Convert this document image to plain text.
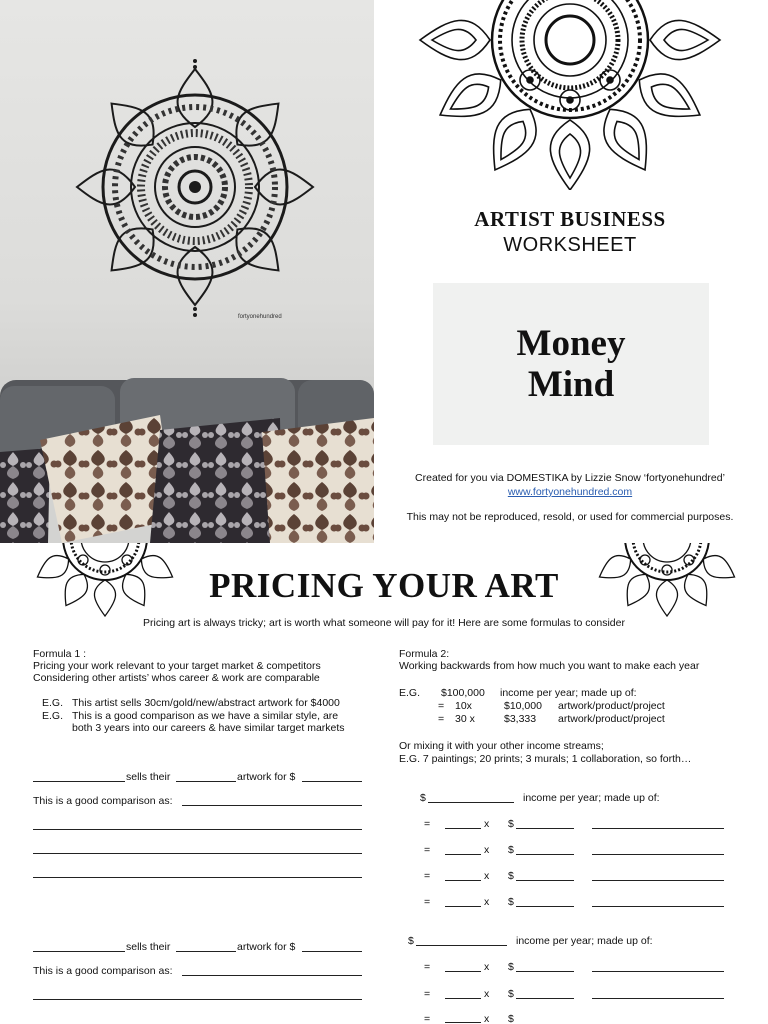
fortyonehundred
ARTIST BUSINESS
WORKSHEET
Money
Mind
Created for you via DOMESTIKA by Lizzie Snow ‘fortyonehundred’
www.fortyonehundred.com
This may not be reproduced, resold, or used for commercial purposes.
PRICING YOUR ART
Pricing art is always tricky; art is worth what someone will pay for it! Here are some formulas to consider
Formula 1 :
Pricing your work relevant to your target market & competitors
Considering other artists’ whos career & work are comparable
E.G. This artist sells 30cm/gold/new/abstract artwork for $4000
E.G. This is a good comparison as we have a similar style, are
both 3 years into our careers & have similar target markets
sells their	artwork for $
This is a good comparison as:
sells their	artwork for $
This is a good comparison as:
Formula 2:
Working backwards from how much you want to make each year
E.G. $100,000 income per year; made up of:
= 10x	$10,000 artwork/product/project
= 30 x	$3,333 artwork/product/project
Or mixing it with your other income streams;
E.G. 7 paintings; 20 prints; 3 murals; 1 collaboration, so forth…
$	income per year; made up of:
=	x $
=	x $
=	x $
=	x $
$	income per year; made up of:
=	x $
=	x $
=	x $
